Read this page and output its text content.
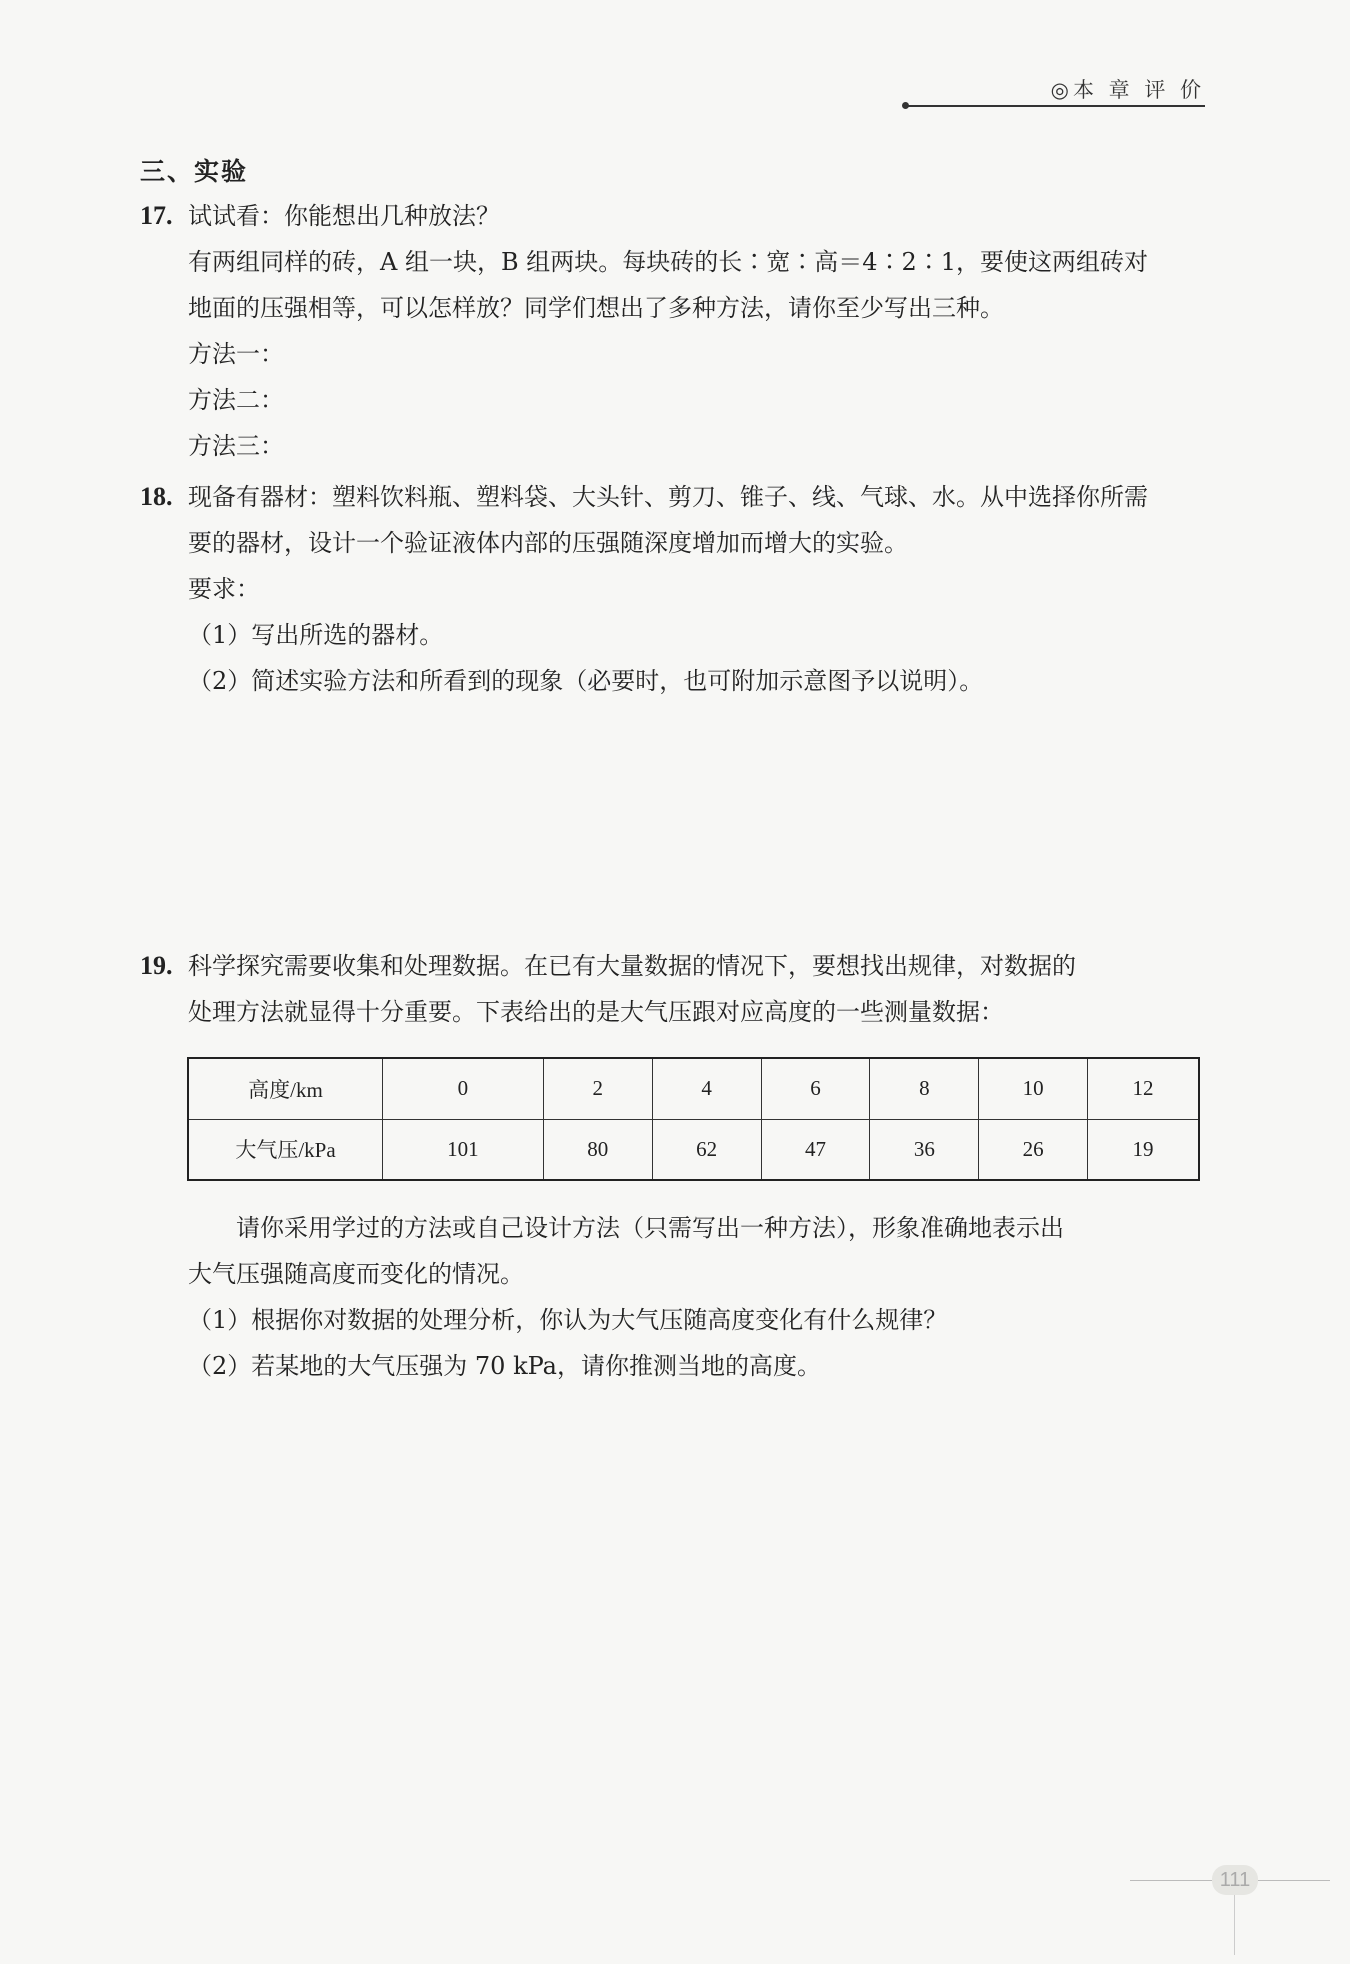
◎本 章 评 价
三、实验
17. 试试看：你能想出几种放法？
有两组同样的砖，A 组一块，B 组两块。每块砖的长∶宽∶高＝4∶2∶1，要使这两组砖对
地面的压强相等，可以怎样放？同学们想出了多种方法，请你至少写出三种。
方法一：
方法二：
方法三：
18. 现备有器材：塑料饮料瓶、塑料袋、大头针、剪刀、锥子、线、气球、水。从中选择你所需
要的器材，设计一个验证液体内部的压强随深度增加而增大的实验。
要求：
（1）写出所选的器材。
（2）简述实验方法和所看到的现象（必要时，也可附加示意图予以说明）。
19. 科学探究需要收集和处理数据。在已有大量数据的情况下，要想找出规律，对数据的
处理方法就显得十分重要。下表给出的是大气压跟对应高度的一些测量数据：
高度/km	0	2	4	6	8	10	12
大气压/kPa	101	80	62	47	36	26	19
请你采用学过的方法或自己设计方法（只需写出一种方法），形象准确地表示出
大气压强随高度而变化的情况。
（1）根据你对数据的处理分析，你认为大气压随高度变化有什么规律？
（2）若某地的大气压强为 70 kPa，请你推测当地的高度。
111
